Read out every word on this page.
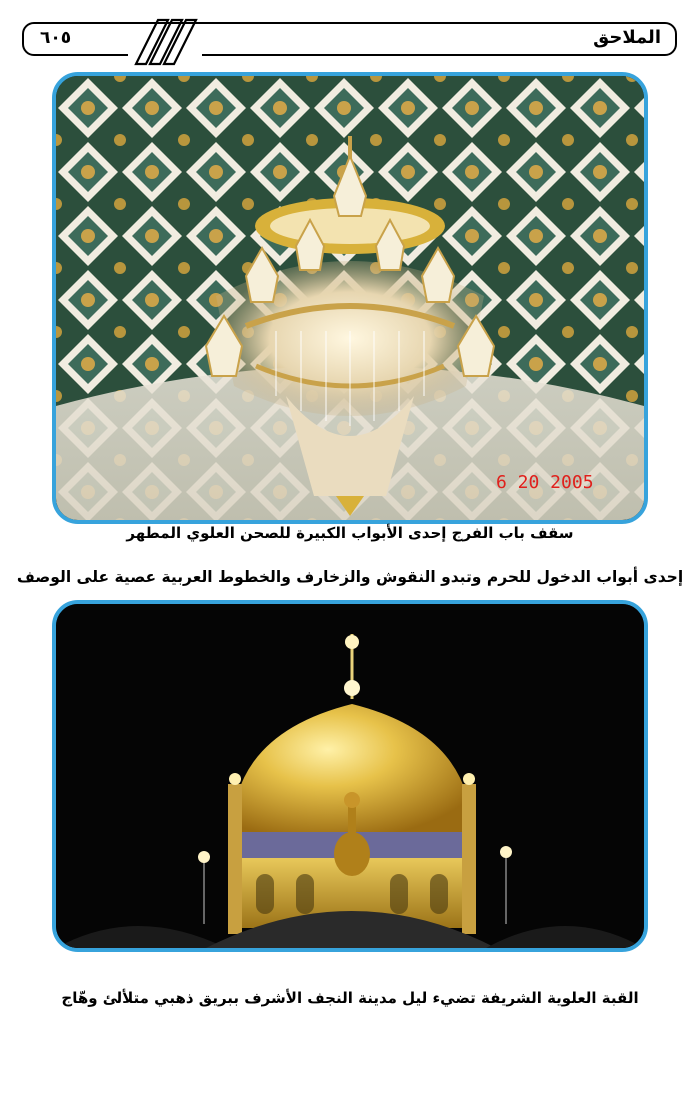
الملاحق
٦٠٥
6 20 2005
سقف باب الفرج إحدى الأبواب الكبيرة للصحن العلوي المطهر
إحدى أبواب الدخول للحرم وتبدو النقوش والزخارف والخطوط العربية عصية على الوصف
القبة العلوية الشريفة تضيء ليل مدينة النجف الأشرف ببريق ذهبي متلألئ وهّاج
